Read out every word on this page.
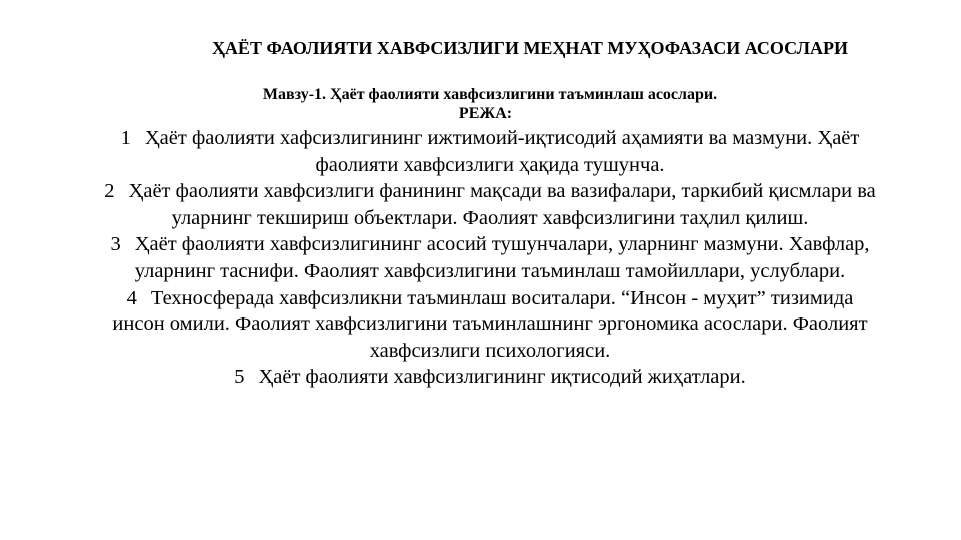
ҲАЁТ ФАОЛИЯТИ ХАВФСИЗЛИГИ МЕҲНАТ МУҲОФАЗАСИ АСОСЛАРИ
Мавзу-1. Ҳаёт фаолияти хавфсизлигини таъминлаш асослари.
РЕЖА:
1 Ҳаёт фаолияти хафсизлигининг ижтимоий-иқтисодий аҳамияти ва мазмуни. Ҳаёт фаолияти хавфсизлиги ҳақида тушунча.
2 Ҳаёт фаолияти хавфсизлиги фанининг мақсади ва вазифалари, таркибий қисмлари ва уларнинг текшириш объектлари. Фаолият хавфсизлигини таҳлил қилиш.
3 Ҳаёт фаолияти хавфсизлигининг асосий тушунчалари, уларнинг мазмуни. Хавфлар, уларнинг таснифи. Фаолият хавфсизлигини таъминлаш тамойиллари, услублари.
4 Техносферада хавфсизликни таъминлаш воситалари. “Инсон - муҳит” тизимида инсон омили. Фаолият хавфсизлигини таъминлашнинг эргономика асослари. Фаолият хавфсизлиги психологияси.
5 Ҳаёт фаолияти хавфсизлигининг иқтисодий жиҳатлари.
